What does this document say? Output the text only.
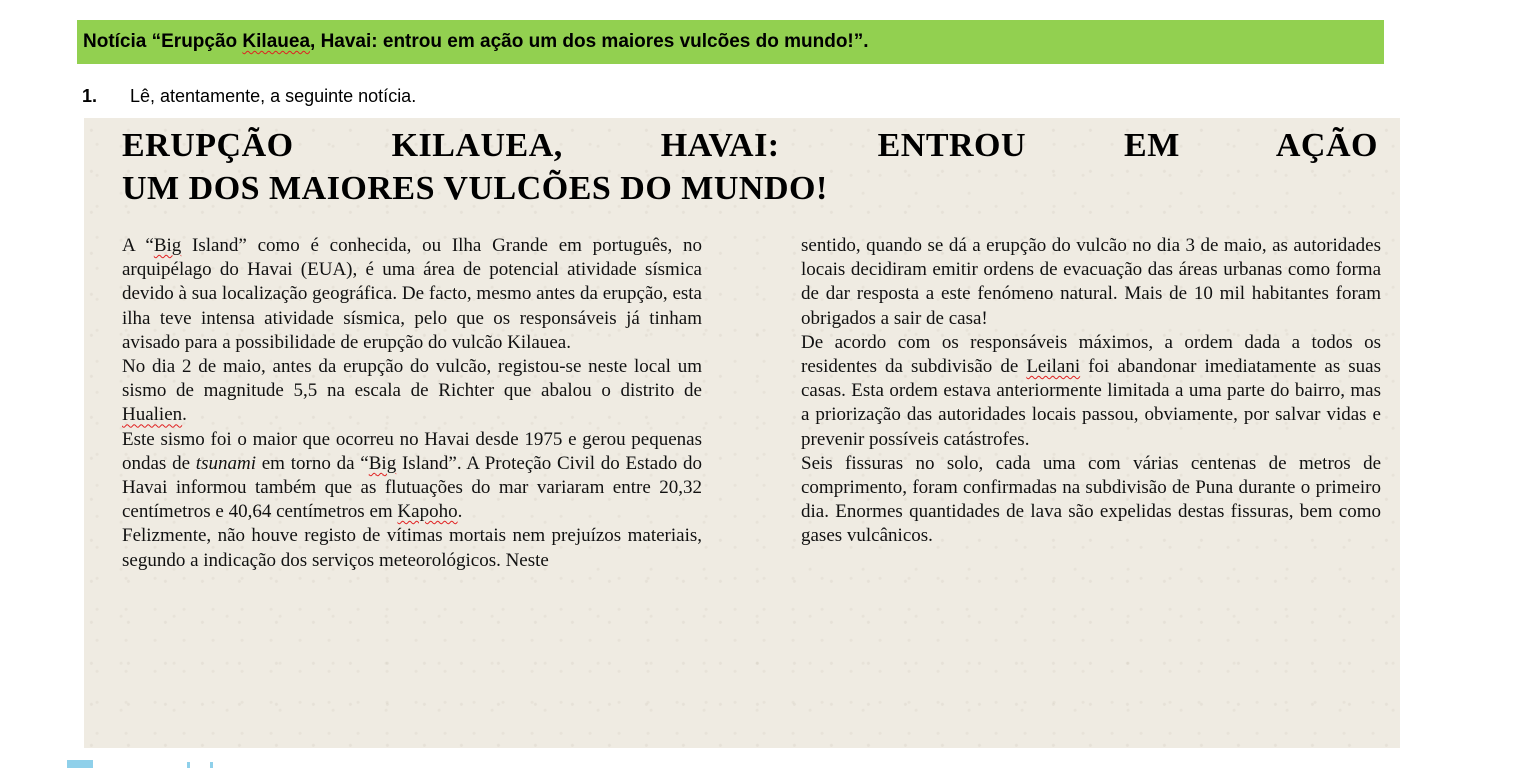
Notícia “Erupção Kilauea, Havai: entrou em ação um dos maiores vulcões do mundo!”.
1. Lê, atentamente, a seguinte notícia.
ERUPÇÃO KILAUEA, HAVAI: ENTROU EM AÇÃO
UM DOS MAIORES VULCÕES DO MUNDO!

A “Big Island” como é conhecida, ou Ilha Grande em português, no arquipélago do Havai (EUA), é uma área de potencial atividade sísmica devido à sua localização geográfica. De facto, mesmo antes da erupção, esta ilha teve intensa atividade sísmica, pelo que os responsáveis já tinham avisado para a possibilidade de erupção do vulcão Kilauea.

No dia 2 de maio, antes da erupção do vulcão, registou-se neste local um sismo de magnitude 5,5 na escala de Richter que abalou o distrito de Hualien.

Este sismo foi o maior que ocorreu no Havai desde 1975 e gerou pequenas ondas de tsunami em torno da “Big Island”. A Proteção Civil do Estado do Havai informou também que as flutuações do mar variaram entre 20,32 centímetros e 40,64 centímetros em Kapoho.

Felizmente, não houve registo de vítimas mortais nem prejuízos materiais, segundo a indicação dos serviços meteorológicos. Neste

sentido, quando se dá a erupção do vulcão no dia 3 de maio, as autoridades locais decidiram emitir ordens de evacuação das áreas urbanas como forma de dar resposta a este fenómeno natural. Mais de 10 mil habitantes foram obrigados a sair de casa!

De acordo com os responsáveis máximos, a ordem dada a todos os residentes da subdivisão de Leilani foi abandonar imediatamente as suas casas. Esta ordem estava anteriormente limitada a uma parte do bairro, mas a priorização das autoridades locais passou, obviamente, por salvar vidas e prevenir possíveis catástrofes.

Seis fissuras no solo, cada uma com várias centenas de metros de comprimento, foram confirmadas na subdivisão de Puna durante o primeiro dia. Enormes quantidades de lava são expelidas destas fissuras, bem como gases vulcânicos.
